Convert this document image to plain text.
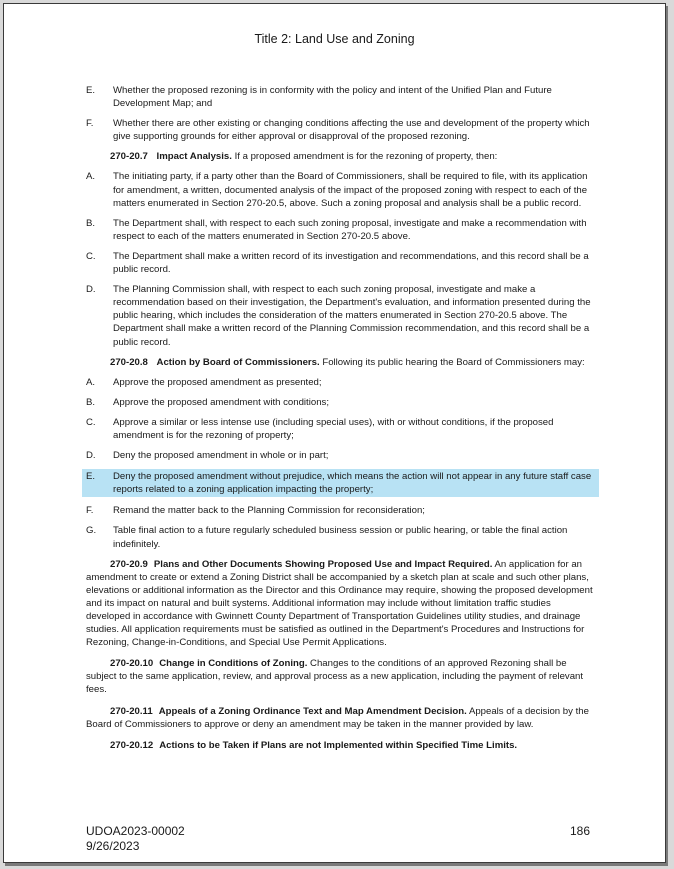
Title 2: Land Use and Zoning
E.	Whether the proposed rezoning is in conformity with the policy and intent of the Unified Plan and Future Development Map; and
F.	Whether there are other existing or changing conditions affecting the use and development of the property which give supporting grounds for either approval or disapproval of the proposed rezoning.
270-20.7 Impact Analysis. If a proposed amendment is for the rezoning of property, then:
A.	The initiating party, if a party other than the Board of Commissioners, shall be required to file, with its application for amendment, a written, documented analysis of the impact of the proposed zoning with respect to each of the matters enumerated in Section 270-20.5, above. Such a zoning proposal and analysis shall be a public record.
B.	The Department shall, with respect to each such zoning proposal, investigate and make a recommendation with respect to each of the matters enumerated in Section 270-20.5 above.
C.	The Department shall make a written record of its investigation and recommendations, and this record shall be a public record.
D.	The Planning Commission shall, with respect to each such zoning proposal, investigate and make a recommendation based on their investigation, the Department's evaluation, and information presented during the public hearing, which includes the consideration of the matters enumerated in Section 270-20.5 above. The Department shall make a written record of the Planning Commission recommendation, and this record shall be a public record.
270-20.8 Action by Board of Commissioners. Following its public hearing the Board of Commissioners may:
A.	Approve the proposed amendment as presented;
B.	Approve the proposed amendment with conditions;
C.	Approve a similar or less intense use (including special uses), with or without conditions, if the proposed amendment is for the rezoning of property;
D.	Deny the proposed amendment in whole or in part;
E.	Deny the proposed amendment without prejudice, which means the action will not appear in any future staff case reports related to a zoning application impacting the property;
F.	Remand the matter back to the Planning Commission for reconsideration;
G.	Table final action to a future regularly scheduled business session or public hearing, or table the final action indefinitely.
270-20.9 Plans and Other Documents Showing Proposed Use and Impact Required. An application for an amendment to create or extend a Zoning District shall be accompanied by a sketch plan at scale and such other plans, elevations or additional information as the Director and this Ordinance may require, showing the proposed development and its impact on natural and built systems. Additional information may include without limitation traffic studies developed in accordance with Gwinnett County Department of Transportation Guidelines utility studies, and drainage studies. All application requirements must be satisfied as outlined in the Department's Procedures and Instructions for Rezoning, Change-in-Conditions, and Special Use Permit Applications.
270-20.10 Change in Conditions of Zoning. Changes to the conditions of an approved Rezoning shall be subject to the same application, review, and approval process as a new application, including the payment of relevant fees.
270-20.11 Appeals of a Zoning Ordinance Text and Map Amendment Decision. Appeals of a decision by the Board of Commissioners to approve or deny an amendment may be taken in the manner provided by law.
270-20.12 Actions to be Taken if Plans are not Implemented within Specified Time Limits.
UDOA2023-00002
9/26/2023
186
